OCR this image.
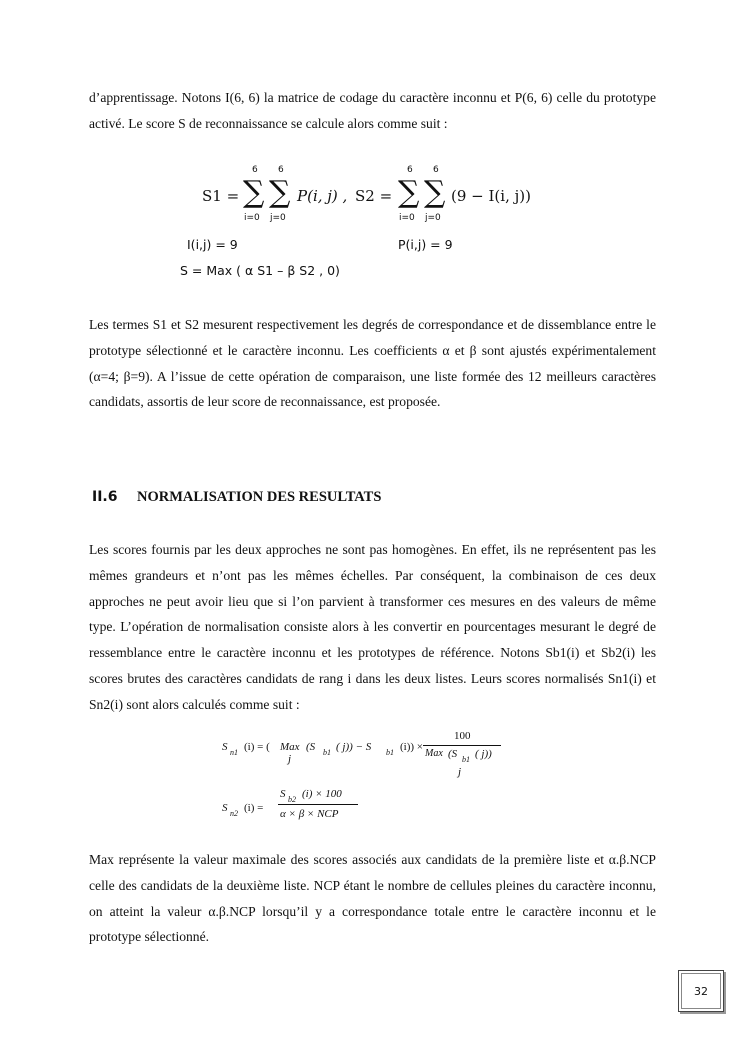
d’apprentissage. Notons I(6, 6) la matrice de codage du caractère inconnu et P(6, 6) celle du prototype activé. Le score S de reconnaissance se calcule alors comme suit :

S1 =
6
∑
i=0
6
∑
j=0
P(i, j) , S2 =
6
∑
i=0
6
∑
j=0
(9 − I(i, j))
I(i,j) = 9	P(i,j) = 9
S = Max ( α S1 – β S2 , 0)

Les termes S1 et S2 mesurent respectivement les degrés de correspondance et de dissemblance entre le prototype sélectionné et le caractère inconnu. Les coefficients α et β sont ajustés expérimentalement (α=4; β=9). A l’issue de cette opération de comparaison, une liste formée des 12 meilleurs caractères candidats, assortis de leur score de reconnaissance, est proposée.

II.6 NORMALISATION DES RESULTATS

Les scores fournis par les deux approches ne sont pas homogènes. En effet, ils ne représentent pas les mêmes grandeurs et n’ont pas les mêmes échelles. Par conséquent, la combinaison de ces deux approches ne peut avoir lieu que si l’on parvient à transformer ces mesures en des valeurs de même type. L’opération de normalisation consiste alors à les convertir en pourcentages mesurant le degré de ressemblance entre le caractère inconnu et les prototypes de référence. Notons Sb1(i) et Sb2(i) les scores brutes des caractères candidats de rang i dans les deux listes. Leurs scores normalisés Sn1(i) et Sn2(i) sont alors calculés comme suit :

S n1 (i) = ( Max
j
(S b1 ( j)) − S b1 (i)) ×
100
Max (S b1 ( j))
j
S n2 (i) =
S b2 (i) × 100
α × β × NCP

Max représente la valeur maximale des scores associés aux candidats de la première liste et α.β.NCP celle des candidats de la deuxième liste. NCP étant le nombre de cellules pleines du caractère inconnu, on atteint la valeur α.β.NCP lorsqu’il y a correspondance totale entre le caractère inconnu et le prototype sélectionné.

32
